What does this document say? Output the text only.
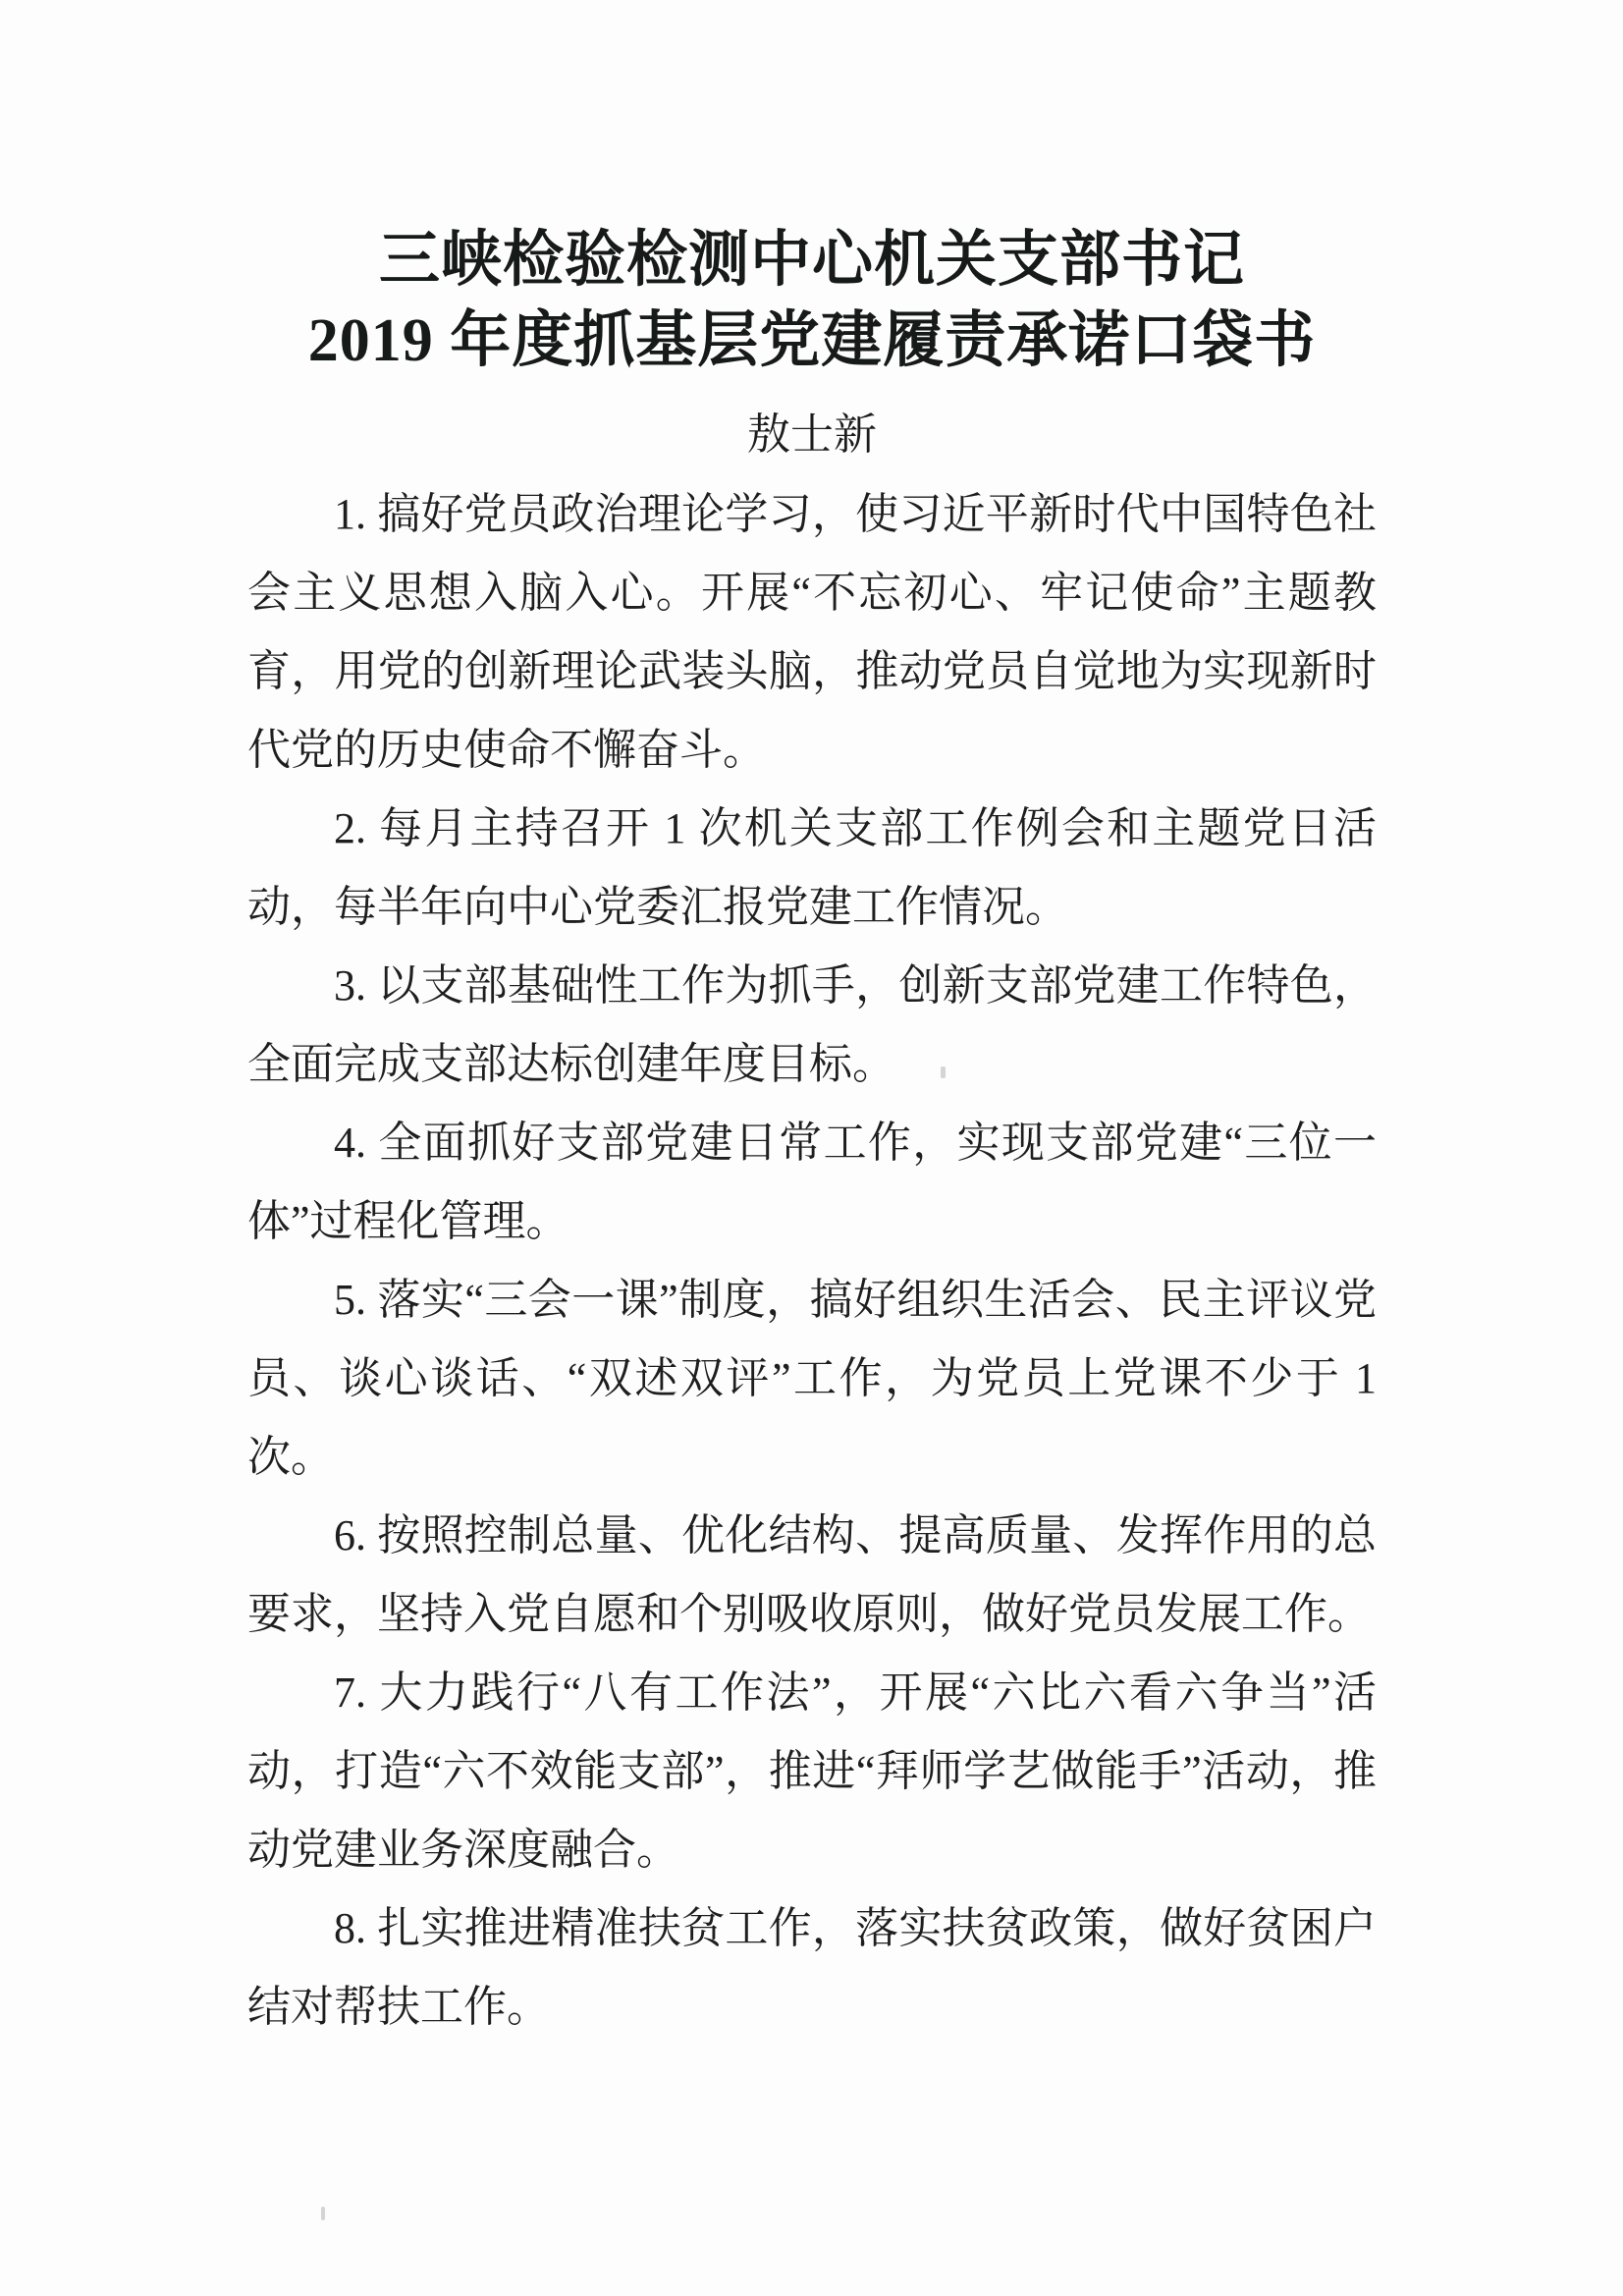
三峡检验检测中心机关支部书记
2019 年度抓基层党建履责承诺口袋书
敖士新

1. 搞好党员政治理论学习，使习近平新时代中国特色社会主义思想入脑入心。开展“不忘初心、牢记使命”主题教育，用党的创新理论武装头脑，推动党员自觉地为实现新时代党的历史使命不懈奋斗。

2. 每月主持召开 1 次机关支部工作例会和主题党日活动，每半年向中心党委汇报党建工作情况。

3. 以支部基础性工作为抓手，创新支部党建工作特色，全面完成支部达标创建年度目标。

4. 全面抓好支部党建日常工作，实现支部党建“三位一体”过程化管理。

5. 落实“三会一课”制度，搞好组织生活会、民主评议党员、谈心谈话、“双述双评”工作，为党员上党课不少于 1 次。

6. 按照控制总量、优化结构、提高质量、发挥作用的总要求，坚持入党自愿和个别吸收原则，做好党员发展工作。

7. 大力践行“八有工作法”，开展“六比六看六争当”活动，打造“六不效能支部”，推进“拜师学艺做能手”活动，推动党建业务深度融合。

8. 扎实推进精准扶贫工作，落实扶贫政策，做好贫困户结对帮扶工作。
